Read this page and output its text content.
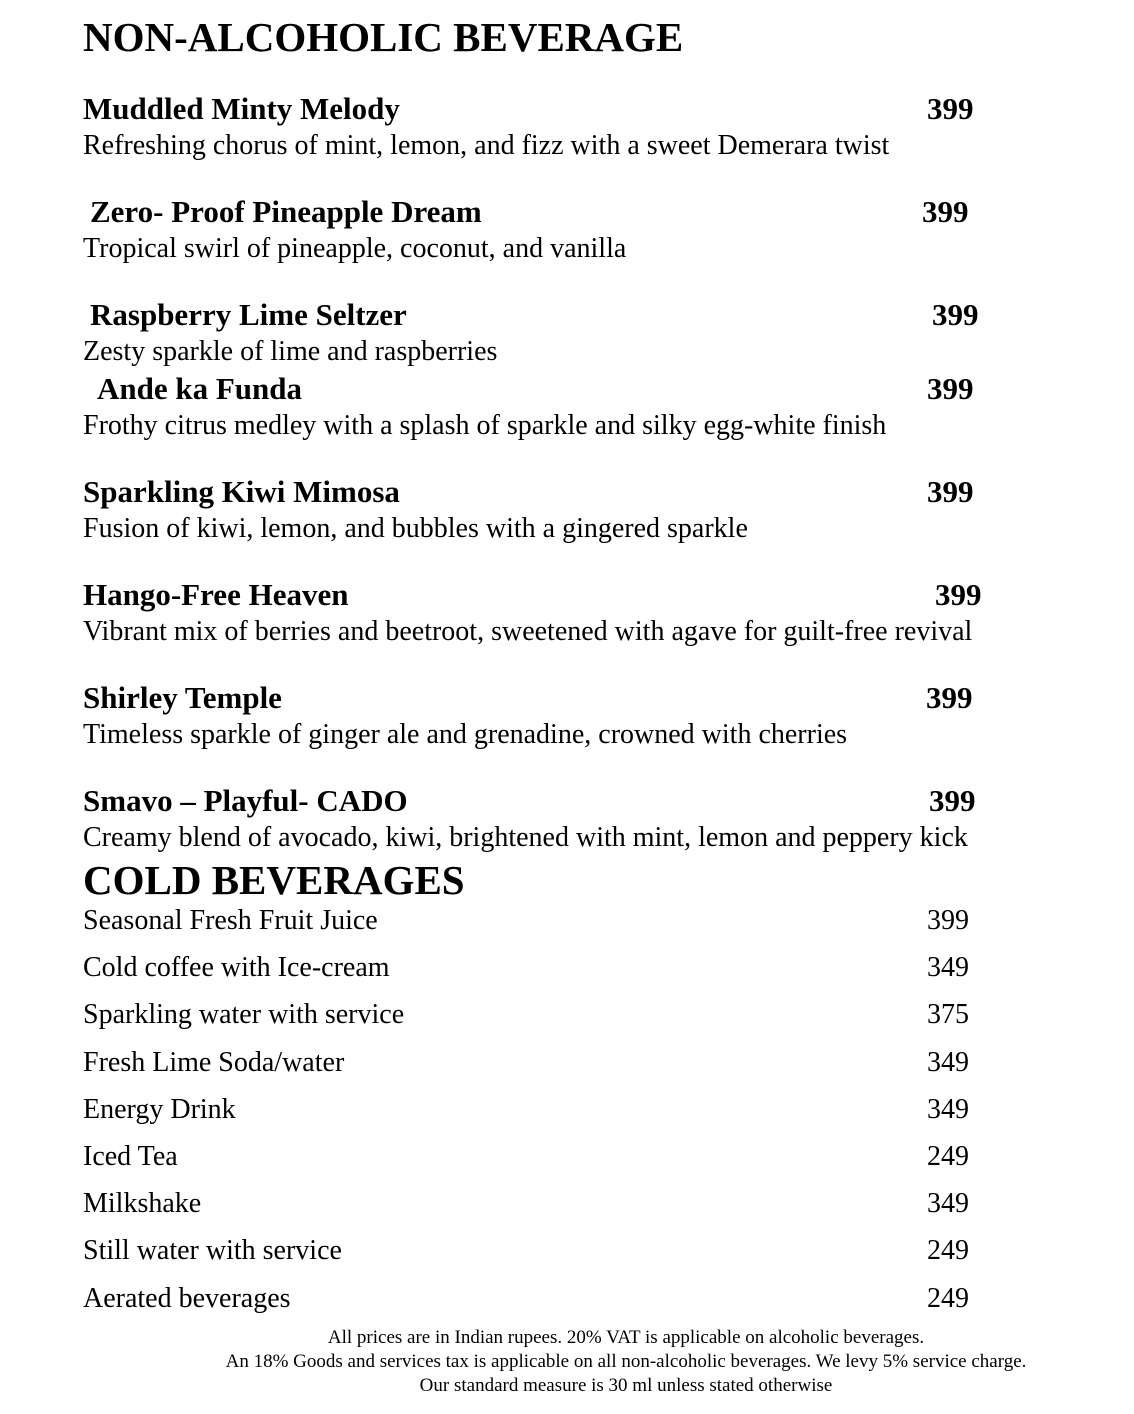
NON-ALCOHOLIC BEVERAGE
Muddled Minty Melody	399
Refreshing chorus of mint, lemon, and fizz with a sweet Demerara twist
Zero- Proof Pineapple Dream	399
Tropical swirl of pineapple, coconut, and vanilla
Raspberry Lime Seltzer	399
Zesty sparkle of lime and raspberries
Ande ka Funda	399
Frothy citrus medley with a splash of sparkle and silky egg-white finish
Sparkling Kiwi Mimosa	399
Fusion of kiwi, lemon, and bubbles with a gingered sparkle
Hango-Free Heaven	399
Vibrant mix of berries and beetroot, sweetened with agave for guilt-free revival
Shirley Temple	399
Timeless sparkle of ginger ale and grenadine, crowned with cherries
Smavo – Playful- CADO	399
Creamy blend of avocado, kiwi, brightened with mint, lemon and peppery kick
COLD BEVERAGES
Seasonal Fresh Fruit Juice	399
Cold coffee with Ice-cream	349
Sparkling water with service	375
Fresh Lime Soda/water	349
Energy Drink	349
Iced Tea	249
Milkshake	349
Still water with service	249
Aerated beverages	249
All prices are in Indian rupees. 20% VAT is applicable on alcoholic beverages.
An 18% Goods and services tax is applicable on all non-alcoholic beverages. We levy 5% service charge.
Our standard measure is 30 ml unless stated otherwise
